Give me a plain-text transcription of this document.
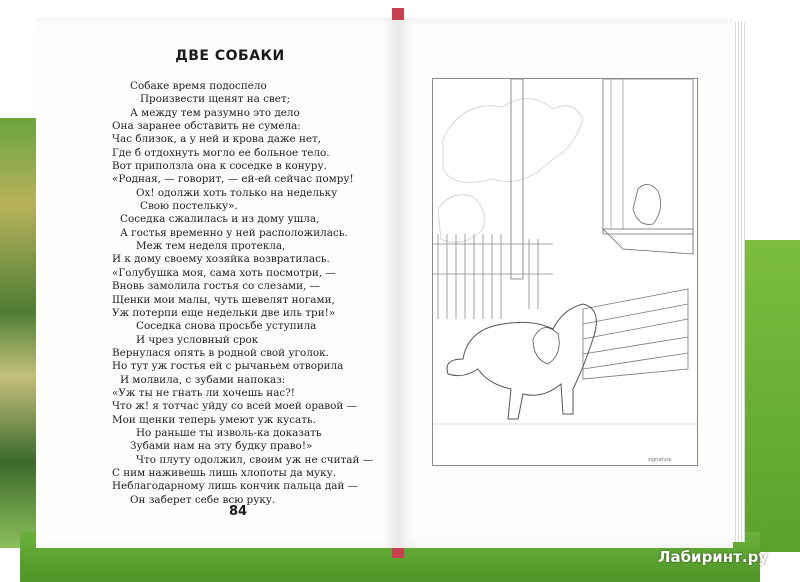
ДВЕ СОБАКИ
Собаке время подоспело
Произвести щенят на свет;
А между тем разумно это дело
Она заранее обставить не сумела:
Час близок, а у ней и крова даже нет,
Где б отдохнуть могло ее больное тело.
Вот приползла она к соседке в конуру.
«Родная, — говорит, — ей-ей сейчас помру!
Ох! одолжи хоть только на недельку
Свою постельку».
Соседка сжалилась и из дому ушла,
А гостья временно у ней расположилась.
Меж тем неделя протекла,
И к дому своему хозяйка возвратилась.
«Голубушка моя, сама хоть посмотри, —
Вновь замолила гостья со слезами, —
Щенки мои малы, чуть шевелят ногами,
Уж потерпи еще недельки две иль три!»
Соседка снова просьбе уступила
И чрез условный срок
Вернулася опять в родной свой уголок.
Но тут уж гостья ей с рычаньем отворила
И молвила, с зубами напоказ:
«Уж ты не гнать ли хочешь нас?!
Что ж! я тотчас уйду со всей моей оравой —
Мои щенки теперь умеют уж кусать.
Но раньше ты изволь-ка доказать
Зубами нам на эту будку право!»
Что плуту одолжил, своим уж не считай —
С ним наживешь лишь хлопоты да муку.
Неблагодарному лишь кончик пальца дай —
Он заберет себе всю руку.
84
signature
Лабиринт.ру
